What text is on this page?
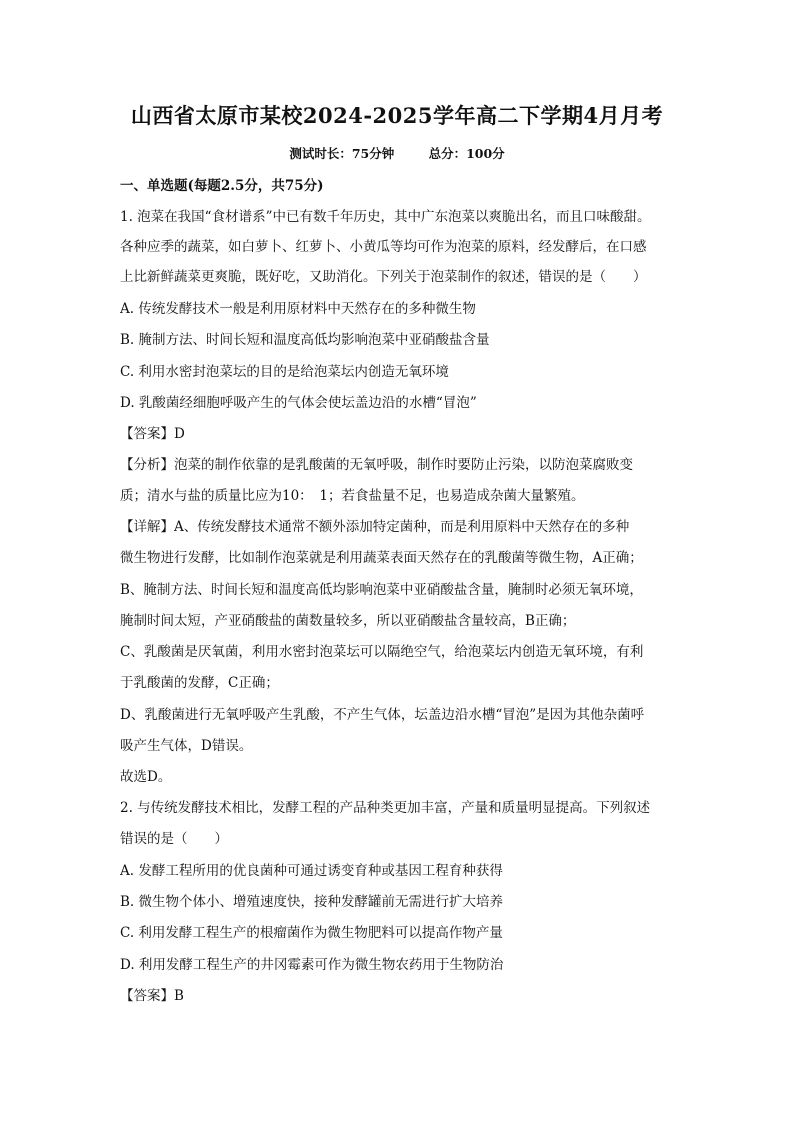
山西省太原市某校2024-2025学年高二下学期4月月考
测试时长：75分钟	总分：100分
一、单选题(每题2.5分，共75分)
1. 泡菜在我国“食材谱系”中已有数千年历史，其中广东泡菜以爽脆出名，而且口味酸甜。
各种应季的蔬菜，如白萝卜、红萝卜、小黄瓜等均可作为泡菜的原料，经发酵后，在口感
上比新鲜蔬菜更爽脆，既好吃，又助消化。下列关于泡菜制作的叙述，错误的是（　　）
A. 传统发酵技术一般是利用原材料中天然存在的多种微生物
B. 腌制方法、时间长短和温度高低均影响泡菜中亚硝酸盐含量
C. 利用水密封泡菜坛的目的是给泡菜坛内创造无氧环境
D. 乳酸菌经细胞呼吸产生的气体会使坛盖边沿的水槽“冒泡”
【答案】D
【分析】泡菜的制作依靠的是乳酸菌的无氧呼吸，制作时要防止污染，以防泡菜腐败变
质；清水与盐的质量比应为10：　1；若食盐量不足，也易造成杂菌大量繁殖。
【详解】A、传统发酵技术通常不额外添加特定菌种，而是利用原料中天然存在的多种
微生物进行发酵，比如制作泡菜就是利用蔬菜表面天然存在的乳酸菌等微生物，A正确；
B、腌制方法、时间长短和温度高低均影响泡菜中亚硝酸盐含量，腌制时必须无氧环境，
腌制时间太短，产亚硝酸盐的菌数量较多，所以亚硝酸盐含量较高，B正确；
C、乳酸菌是厌氧菌，利用水密封泡菜坛可以隔绝空气，给泡菜坛内创造无氧环境，有利
于乳酸菌的发酵，C正确；
D、乳酸菌进行无氧呼吸产生乳酸，不产生气体，坛盖边沿水槽“冒泡”是因为其他杂菌呼
吸产生气体，D错误。
故选D。
2. 与传统发酵技术相比，发酵工程的产品种类更加丰富，产量和质量明显提高。下列叙述
错误的是（　　）
A. 发酵工程所用的优良菌种可通过诱变育种或基因工程育种获得
B. 微生物个体小、增殖速度快，接种发酵罐前无需进行扩大培养
C. 利用发酵工程生产的根瘤菌作为微生物肥料可以提高作物产量
D. 利用发酵工程生产的井冈霉素可作为微生物农药用于生物防治
【答案】B
